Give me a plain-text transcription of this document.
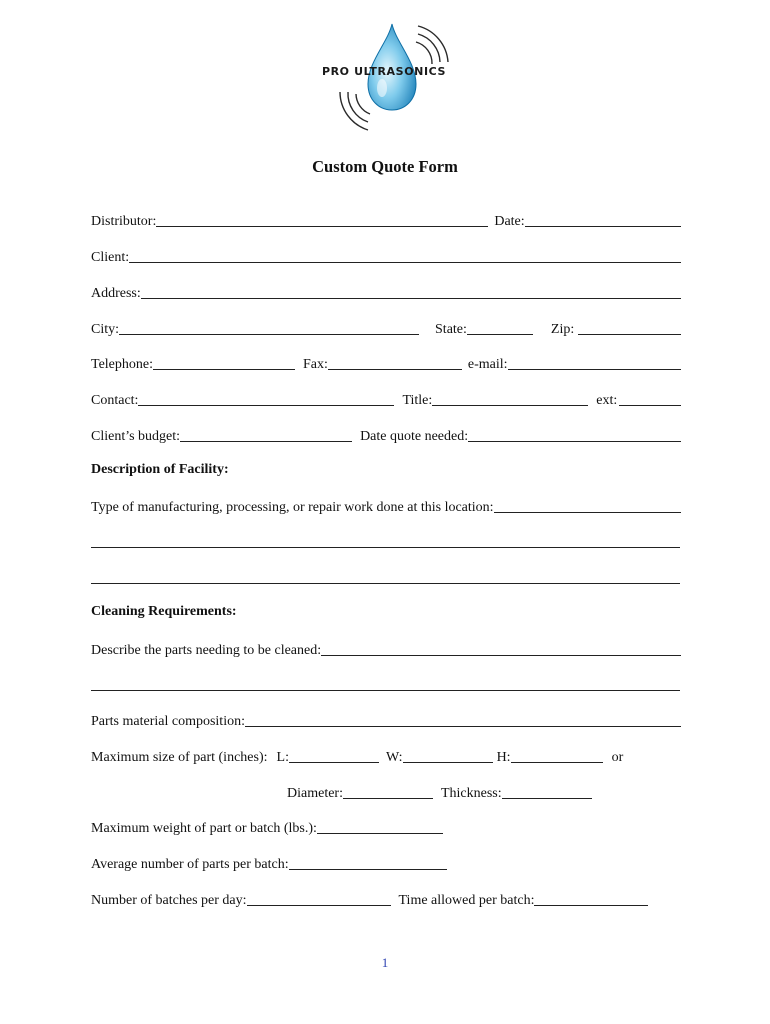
PRO ULTRASONICS
Custom Quote Form
Distributor:	Date:
Client:
Address:
City:	State:	Zip:
Telephone:	Fax:	e-mail:
Contact:	Title:	ext:
Client’s budget:	Date quote needed:
Description of Facility:
Type of manufacturing, processing, or repair work done at this location:
Cleaning Requirements:
Describe the parts needing to be cleaned:
Parts material composition:
Maximum size of part (inches): L:	W:	H:	or
Diameter:	Thickness:
Maximum weight of part or batch (lbs.):
Average number of parts per batch:
Number of batches per day:	Time allowed per batch:
1
